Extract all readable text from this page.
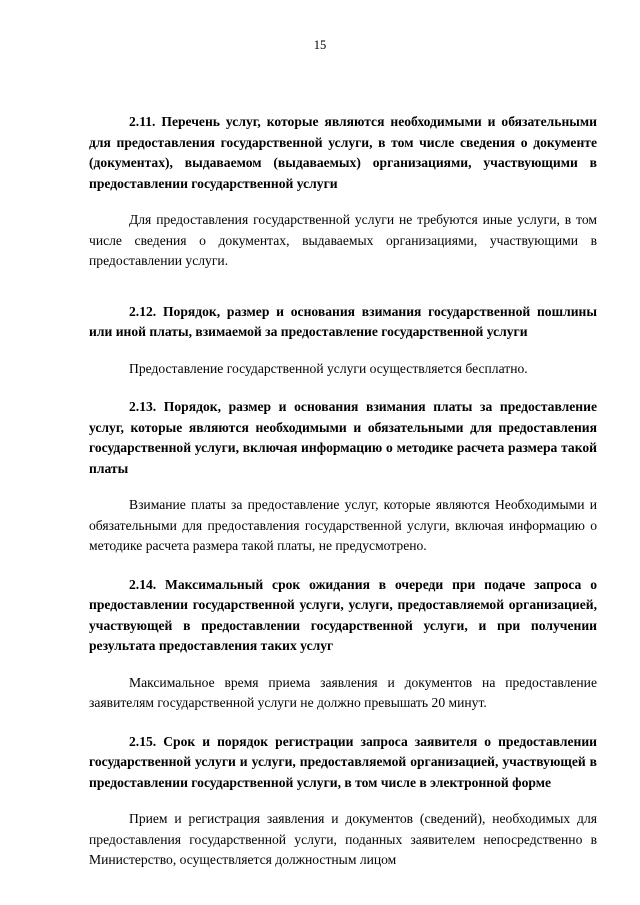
15

2.11. Перечень услуг, которые являются необходимыми и обязательными для предоставления государственной услуги, в том числе сведения о документе (документах), выдаваемом (выдаваемых) организациями, участвующими в предоставлении государственной услуги

Для предоставления государственной услуги не требуются иные услуги, в том числе сведения о документах, выдаваемых организациями, участвующими в предоставлении услуги.

2.12. Порядок, размер и основания взимания государственной пошлины или иной платы, взимаемой за предоставление государственной услуги

Предоставление государственной услуги осуществляется бесплатно.

2.13. Порядок, размер и основания взимания платы за предоставление услуг, которые являются необходимыми и обязательными для предоставления государственной услуги, включая информацию о методике расчета размера такой платы

Взимание платы за предоставление услуг, которые являются Необходимыми и обязательными для предоставления государственной услуги, включая информацию о методике расчета размера такой платы, не предусмотрено.

2.14. Максимальный срок ожидания в очереди при подаче запроса о предоставлении государственной услуги, услуги, предоставляемой организацией, участвующей в предоставлении государственной услуги, и при получении результата предоставления таких услуг

Максимальное время приема заявления и документов на предоставление заявителям государственной услуги не должно превышать 20 минут.

2.15. Срок и порядок регистрации запроса заявителя о предоставлении государственной услуги и услуги, предоставляемой организацией, участвующей в предоставлении государственной услуги, в том числе в электронной форме

Прием и регистрация заявления и документов (сведений), необходимых для предоставления государственной услуги, поданных заявителем непосредственно в Министерство, осуществляется должностным лицом
